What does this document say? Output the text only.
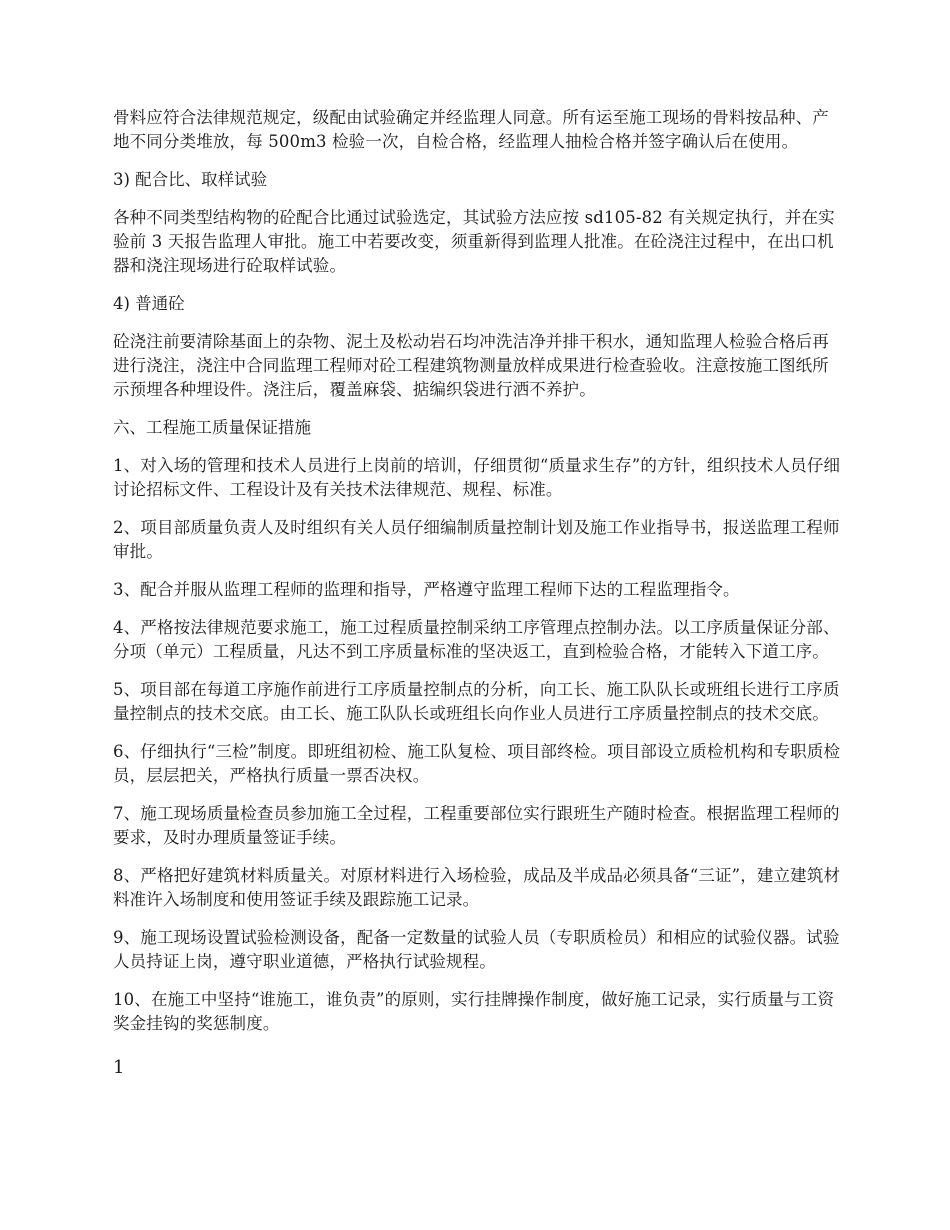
骨料应符合法律规范规定，级配由试验确定并经监理人同意。所有运至施工现场的骨料按品种、产地不同分类堆放，每 500m3 检验一次，自检合格，经监理人抽检合格并签字确认后在使用。

3) 配合比、取样试验

各种不同类型结构物的砼配合比通过试验选定，其试验方法应按 sd105-82 有关规定执行，并在实验前 3 天报告监理人审批。施工中若要改变，须重新得到监理人批准。在砼浇注过程中，在出口机器和浇注现场进行砼取样试验。

4) 普通砼

砼浇注前要清除基面上的杂物、泥土及松动岩石均冲洗洁净并排干积水，通知监理人检验合格后再进行浇注，浇注中合同监理工程师对砼工程建筑物测量放样成果进行检查验收。注意按施工图纸所示预埋各种埋设件。浇注后，覆盖麻袋、掂编织袋进行洒不养护。

六、工程施工质量保证措施

1、对入场的管理和技术人员进行上岗前的培训，仔细贯彻“质量求生存”的方针，组织技术人员仔细讨论招标文件、工程设计及有关技术法律规范、规程、标准。

2、项目部质量负责人及时组织有关人员仔细编制质量控制计划及施工作业指导书，报送监理工程师审批。

3、配合并服从监理工程师的监理和指导，严格遵守监理工程师下达的工程监理指令。

4、严格按法律规范要求施工，施工过程质量控制采纳工序管理点控制办法。以工序质量保证分部、分项（单元）工程质量，凡达不到工序质量标准的坚决返工，直到检验合格，才能转入下道工序。

5、项目部在每道工序施作前进行工序质量控制点的分析，向工长、施工队队长或班组长进行工序质量控制点的技术交底。由工长、施工队队长或班组长向作业人员进行工序质量控制点的技术交底。

6、仔细执行“三检”制度。即班组初检、施工队复检、项目部终检。项目部设立质检机构和专职质检员，层层把关，严格执行质量一票否决权。

7、施工现场质量检查员参加施工全过程，工程重要部位实行跟班生产随时检查。根据监理工程师的要求，及时办理质量签证手续。

8、严格把好建筑材料质量关。对原材料进行入场检验，成品及半成品必须具备“三证”，建立建筑材料准许入场制度和使用签证手续及跟踪施工记录。

9、施工现场设置试验检测设备，配备一定数量的试验人员（专职质检员）和相应的试验仪器。试验人员持证上岗，遵守职业道德，严格执行试验规程。

10、在施工中坚持“谁施工，谁负责”的原则，实行挂牌操作制度，做好施工记录，实行质量与工资奖金挂钩的奖惩制度。

1
